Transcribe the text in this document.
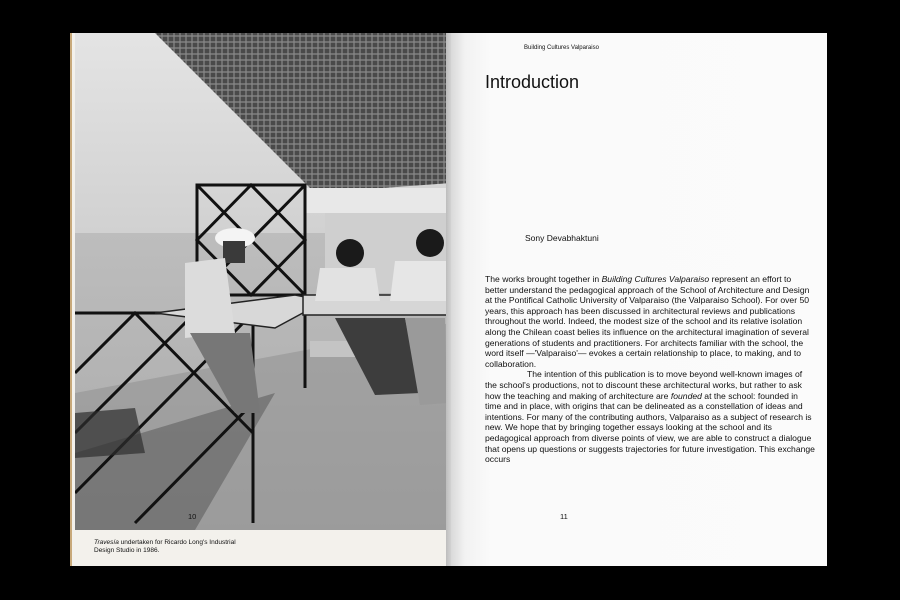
Travesía undertaken for Ricardo Long's Industrial Design Studio in 1986.
10
Building Cultures Valparaiso
Introduction
Sony Devabhaktuni

The works brought together in Building Cultures Valparaiso represent an effort to better understand the pedagogical approach of the School of Architecture and Design at the Pontifical Catholic University of Valparaiso (the Valparaiso School). For over 50 years, this approach has been discussed in architectural reviews and publications throughout the world. Indeed, the modest size of the school and its relative isolation along the Chilean coast belies its influence on the architectural imagination of several generations of students and practitioners. For architects familiar with the school, the word itself —'Valparaiso'— evokes a certain relationship to place, to making, and to collaboration.

The intention of this publication is to move beyond well-known images of the school's productions, not to discount these architectural works, but rather to ask how the teaching and making of architecture are founded at the school: founded in time and in place, with origins that can be delineated as a constellation of ideas and intentions. For many of the contributing authors, Valparaiso as a subject of research is new. We hope that by bringing together essays looking at the school and its pedagogical approach from diverse points of view, we are able to construct a dialogue that opens up questions or suggests trajectories for future investigation. This exchange occurs

11
